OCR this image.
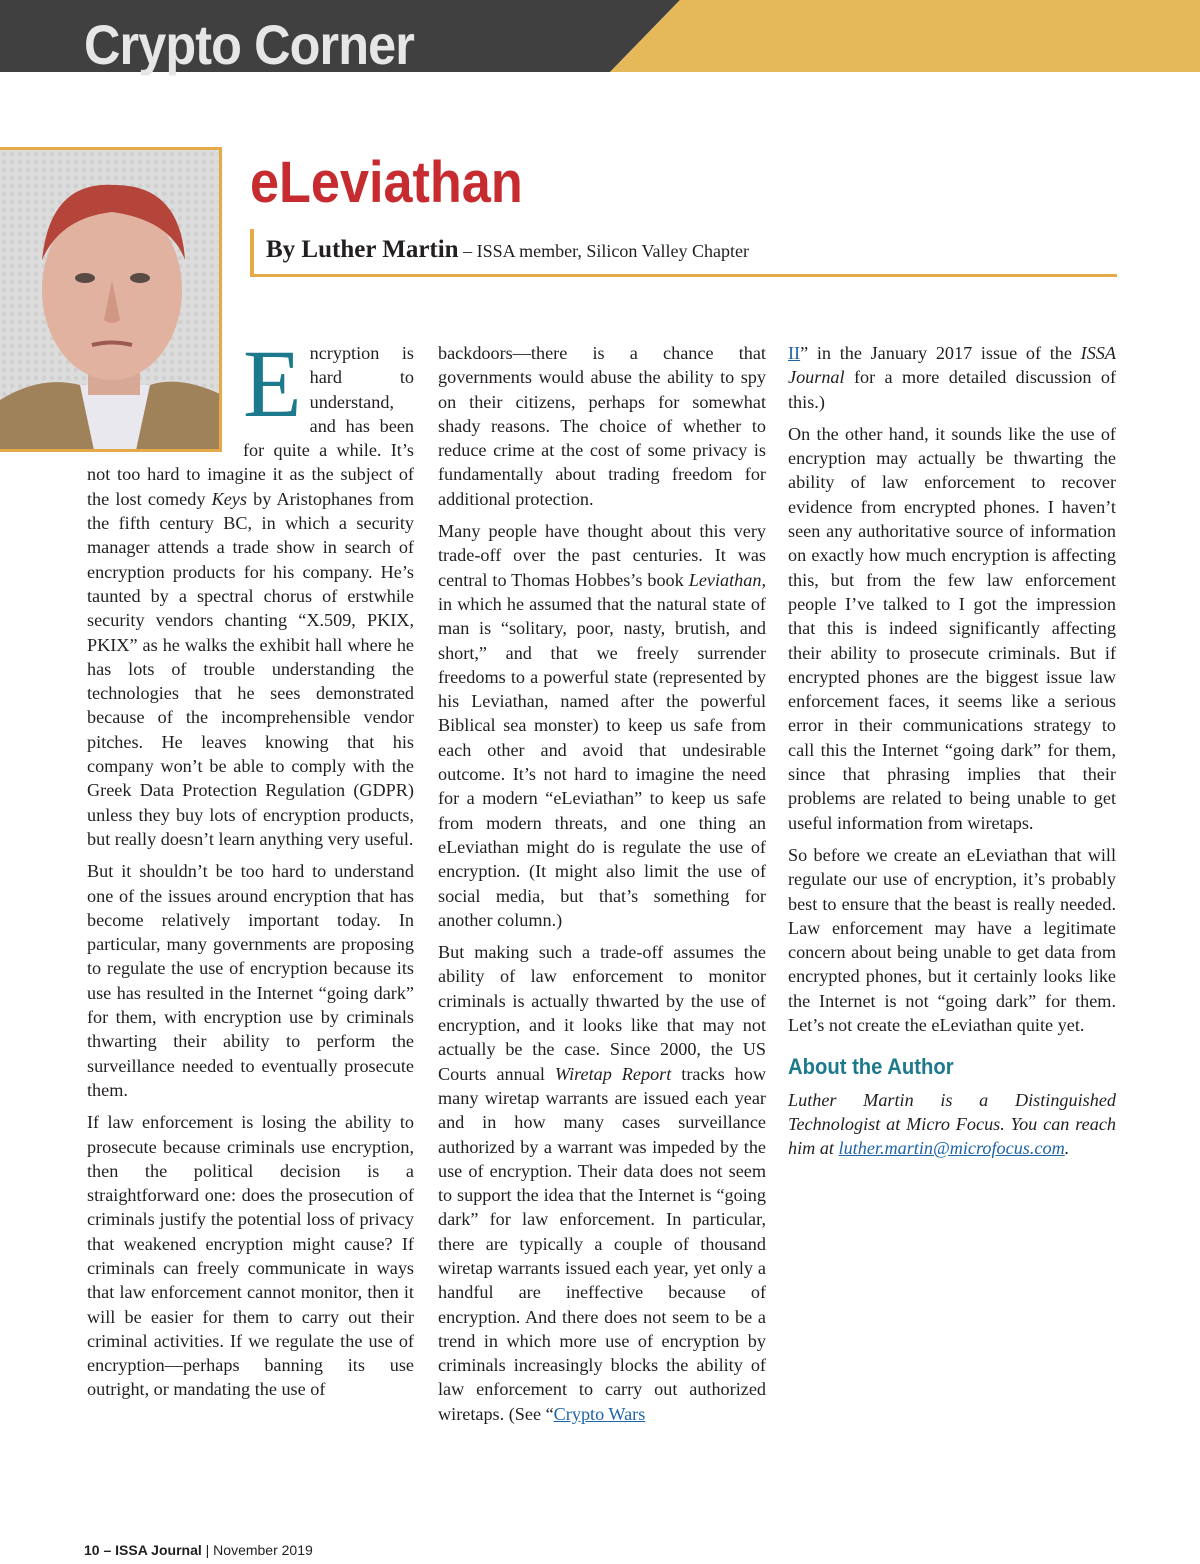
Crypto Corner
eLeviathan
By Luther Martin – ISSA member, Silicon Valley Chapter

Encryption is hard to understand, and has been for quite a while. It’s not too hard to imagine it as the subject of the lost comedy Keys by Aristophanes from the fifth century BC, in which a security manager attends a trade show in search of encryption products for his company. He’s taunted by a spectral chorus of erstwhile security vendors chanting “X.509, PKIX, PKIX” as he walks the exhibit hall where he has lots of trouble understanding the technologies that he sees demonstrated because of the incomprehensible vendor pitches. He leaves knowing that his company won’t be able to comply with the Greek Data Protection Regulation (GDPR) unless they buy lots of encryption products, but really doesn’t learn anything very useful.

But it shouldn’t be too hard to understand one of the issues around encryption that has become relatively important today. In particular, many governments are proposing to regulate the use of encryption because its use has resulted in the Internet “going dark” for them, with encryption use by criminals thwarting their ability to perform the surveillance needed to eventually prosecute them.

If law enforcement is losing the ability to prosecute because criminals use encryption, then the political decision is a straightforward one: does the prosecution of criminals justify the potential loss of privacy that weakened encryption might cause? If criminals can freely communicate in ways that law enforcement cannot monitor, then it will be easier for them to carry out their criminal activities. If we regulate the use of encryption—perhaps banning its use outright, or mandating the use of

backdoors—there is a chance that governments would abuse the ability to spy on their citizens, perhaps for somewhat shady reasons. The choice of whether to reduce crime at the cost of some privacy is fundamentally about trading freedom for additional protection.

Many people have thought about this very trade-off over the past centuries. It was central to Thomas Hobbes’s book Leviathan, in which he assumed that the natural state of man is “solitary, poor, nasty, brutish, and short,” and that we freely surrender freedoms to a powerful state (represented by his Leviathan, named after the powerful Biblical sea monster) to keep us safe from each other and avoid that undesirable outcome. It’s not hard to imagine the need for a modern “eLeviathan” to keep us safe from modern threats, and one thing an eLeviathan might do is regulate the use of encryption. (It might also limit the use of social media, but that’s something for another column.)

But making such a trade-off assumes the ability of law enforcement to monitor criminals is actually thwarted by the use of encryption, and it looks like that may not actually be the case. Since 2000, the US Courts annual Wiretap Report tracks how many wiretap warrants are issued each year and in how many cases surveillance authorized by a warrant was impeded by the use of encryption. Their data does not seem to support the idea that the Internet is “going dark” for law enforcement. In particular, there are typically a couple of thousand wiretap warrants issued each year, yet only a handful are ineffective because of encryption. And there does not seem to be a trend in which more use of encryption by criminals increasingly blocks the ability of law enforcement to carry out authorized wiretaps. (See “Crypto Wars

II” in the January 2017 issue of the ISSA Journal for a more detailed discussion of this.)

On the other hand, it sounds like the use of encryption may actually be thwarting the ability of law enforcement to recover evidence from encrypted phones. I haven’t seen any authoritative source of information on exactly how much encryption is affecting this, but from the few law enforcement people I’ve talked to I got the impression that this is indeed significantly affecting their ability to prosecute criminals. But if encrypted phones are the biggest issue law enforcement faces, it seems like a serious error in their communications strategy to call this the Internet “going dark” for them, since that phrasing implies that their problems are related to being unable to get useful information from wiretaps.

So before we create an eLeviathan that will regulate our use of encryption, it’s probably best to ensure that the beast is really needed. Law enforcement may have a legitimate concern about being unable to get data from encrypted phones, but it certainly looks like the Internet is not “going dark” for them. Let’s not create the eLeviathan quite yet.

About the Author

Luther Martin is a Distinguished Technologist at Micro Focus. You can reach him at luther.martin@microfocus.com.

10 – ISSA Journal | November 2019
